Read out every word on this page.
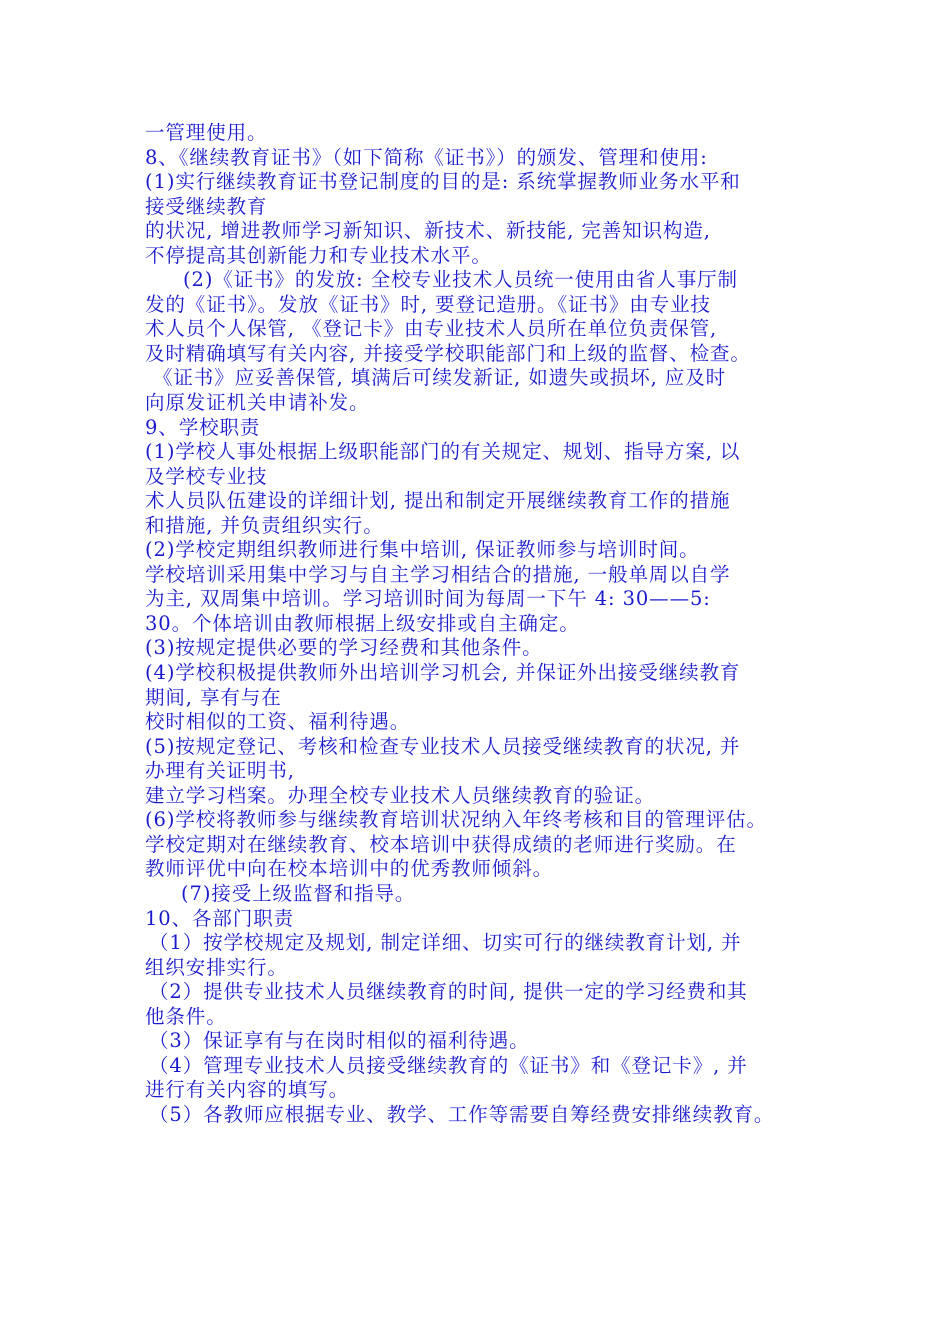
一管理使用。
8、《继续教育证书》（如下简称《证书》）的颁发、管理和使用:
(1)实行继续教育证书登记制度的目的是: 系统掌握教师业务水平和
接受继续教育
的状况, 增进教师学习新知识、新技术、新技能, 完善知识构造,
不停提高其创新能力和专业技术水平。
(2)《证书》的发放: 全校专业技术人员统一使用由省人事厅制
发的《证书》。发放《证书》时, 要登记造册。《证书》由专业技
术人员个人保管, 《登记卡》由专业技术人员所在单位负责保管,
及时精确填写有关内容, 并接受学校职能部门和上级的监督、检查。
《证书》应妥善保管, 填满后可续发新证, 如遗失或损坏, 应及时
向原发证机关申请补发。
9、学校职责
(1)学校人事处根据上级职能部门的有关规定、规划、指导方案, 以
及学校专业技
术人员队伍建设的详细计划, 提出和制定开展继续教育工作的措施
和措施, 并负责组织实行。
(2)学校定期组织教师进行集中培训, 保证教师参与培训时间。
学校培训采用集中学习与自主学习相结合的措施, 一般单周以自学
为主, 双周集中培训。学习培训时间为每周一下午 4: 30——5:
30。个体培训由教师根据上级安排或自主确定。
(3)按规定提供必要的学习经费和其他条件。
(4)学校积极提供教师外出培训学习机会, 并保证外出接受继续教育
期间, 享有与在
校时相似的工资、福利待遇。
(5)按规定登记、考核和检查专业技术人员接受继续教育的状况, 并
办理有关证明书,
建立学习档案。办理全校专业技术人员继续教育的验证。
(6)学校将教师参与继续教育培训状况纳入年终考核和目的管理评估。
学校定期对在继续教育、校本培训中获得成绩的老师进行奖励。在
教师评优中向在校本培训中的优秀教师倾斜。
(7)接受上级监督和指导。
10、各部门职责
（1）按学校规定及规划, 制定详细、切实可行的继续教育计划, 并
组织安排实行。
（2）提供专业技术人员继续教育的时间, 提供一定的学习经费和其
他条件。
（3）保证享有与在岗时相似的福利待遇。
（4）管理专业技术人员接受继续教育的《证书》和《登记卡》, 并
进行有关内容的填写。
（5）各教师应根据专业、教学、工作等需要自筹经费安排继续教育。
